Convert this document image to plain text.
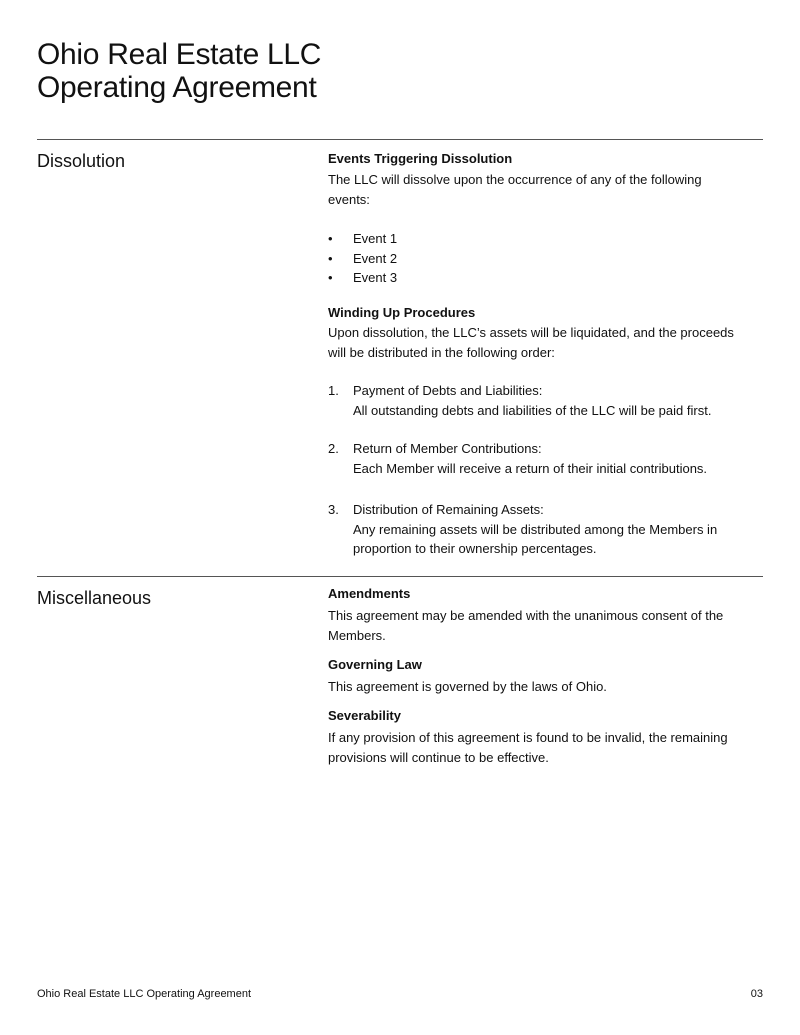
Ohio Real Estate LLC
Operating Agreement
Dissolution	Events Triggering Dissolution
The LLC will dissolve upon the occurrence of any of the following
events:
•	Event 1
•	Event 2
•	Event 3
Winding Up Procedures
Upon dissolution, the LLC’s assets will be liquidated, and the proceeds
will be distributed in the following order:
1.	Payment of Debts and Liabilities:
All outstanding debts and liabilities of the LLC will be paid first.
2.	Return of Member Contributions:
Each Member will receive a return of their initial contributions.
3.	Distribution of Remaining Assets:
Any remaining assets will be distributed among the Members in
proportion to their ownership percentages.
Miscellaneous	Amendments
This agreement may be amended with the unanimous consent of the
Members.
Governing Law
This agreement is governed by the laws of Ohio.
Severability
If any provision of this agreement is found to be invalid, the remaining
provisions will continue to be effective.
Ohio Real Estate LLC Operating Agreement	03
